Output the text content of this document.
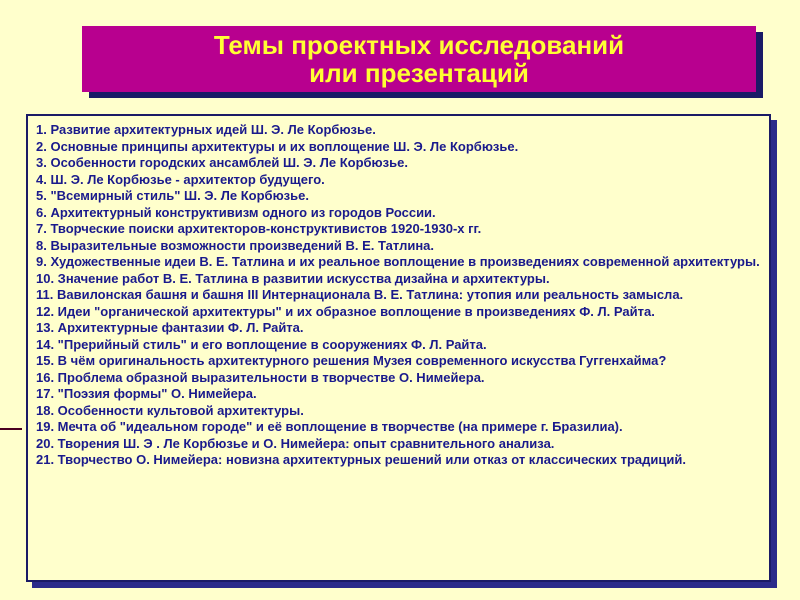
Темы проектных исследований или презентаций
1. Развитие архитектурных идей Ш. Э. Ле Корбюзье.
2. Основные принципы архитектуры и их воплощение Ш. Э. Ле Корбюзье.
3. Особенности городских ансамблей Ш. Э. Ле Корбюзье.
4. Ш. Э. Ле Корбюзье - архитектор будущего.
5. "Всемирный стиль" Ш. Э. Ле Корбюзье.
6. Архитектурный конструктивизм одного из городов России.
7. Творческие поиски архитекторов-конструктивистов 1920-1930-х гг.
8. Выразительные возможности произведений В. Е. Татлина.
9. Художественные идеи В. Е. Татлина и их реальное воплощение в произведениях современной архитектуры.
10. Значение работ В. Е. Татлина в развитии искусства дизайна и архитектуры.
11. Вавилонская башня и башня III Интернационала В. Е. Татлина: утопия или реальность замысла.
12. Идеи "органической архитектуры" и их образное воплощение в произведениях Ф. Л. Райта.
13. Архитектурные фантазии Ф. Л. Райта.
14. "Прерийный стиль" и его воплощение в сооружениях Ф. Л. Райта.
15. В чём оригинальность архитектурного решения Музея современного искусства Гуггенхайма?
16. Проблема образной выразительности в творчестве О. Нимейера.
17. "Поэзия формы" О. Нимейера.
18. Особенности культовой архитектуры.
19. Мечта об "идеальном городе" и её воплощение в творчестве (на примере г. Бразилиа).
20. Творения Ш. Э . Ле Корбюзье и О. Нимейера: опыт сравнительного анализа.
21. Творчество О. Нимейера: новизна архитектурных решений или отказ от классических традиций.
